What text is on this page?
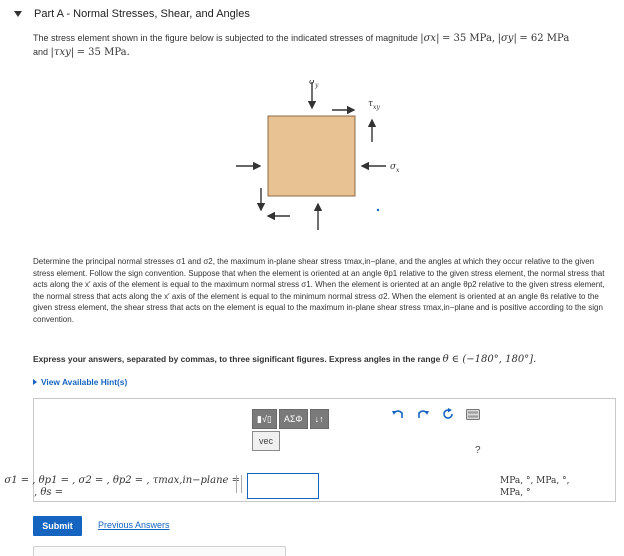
Part A - Normal Stresses, Shear, and Angles
The stress element shown in the figure below is subjected to the indicated stresses of magnitude |σx| = 35 MPa, |σy| = 62 MPa
and |τxy| = 35 MPa.
σ y
τ xy
σ x

Determine the principal normal stresses σ1 and σ2, the maximum in-plane shear stress τmax,in−plane, and the angles at which they occur relative to the given stress element. Follow the sign convention. Suppose that when the element is oriented at an angle θp1 relative to the given stress element, the normal stress that acts along the x′ axis of the element is equal to the maximum normal stress σ1. When the element is oriented at an angle θp2 relative to the given stress element, the normal stress that acts along the x′ axis of the element is equal to the minimum normal stress σ2. When the element is oriented at an angle θs relative to the given stress element, the shear stress that acts on the element is equal to the maximum in-plane shear stress τmax,in−plane and is positive according to the sign convention.

Express your answers, separated by commas, to three significant figures. Express angles in the range θ ∈ (−180°, 180°].
View Available Hint(s)
▮√▯	ΑΣΦ	↓↑
vec
?
σ1 = , θp1 = , σ2 = , θp2 = , τmax,in−plane =
, θs =
MPa, °, MPa, °,
MPa, °
Submit	Previous Answers
